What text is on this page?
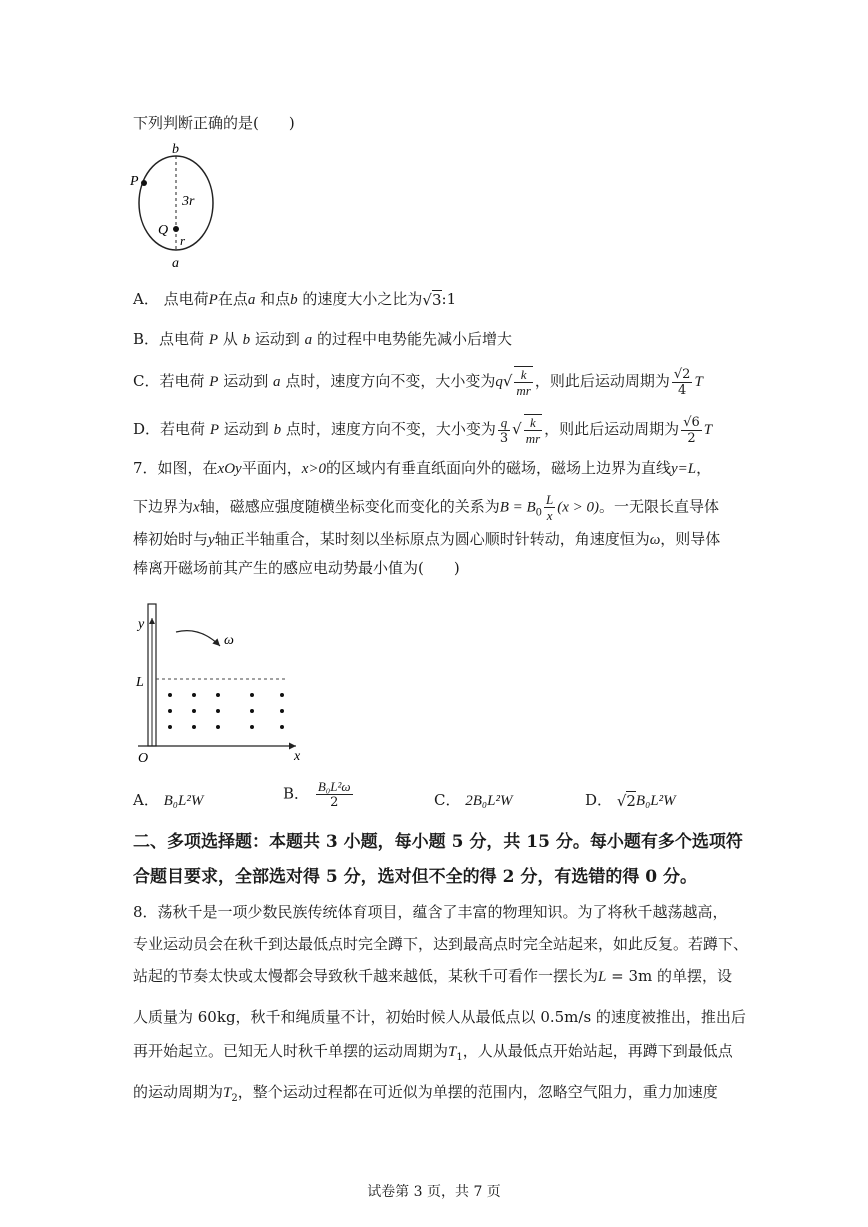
下列判断正确的是(　　)
b
a
P
Q
3r
r
A． 点电荷P在点a 和点b 的速度大小之比为√3:1
B．点电荷 P 从 b 运动到 a 的过程中电势能先减小后增大
C．若电荷 P 运动到 a 点时，速度方向不变，大小变为$q√ \frac{k}{mr}$ ，则此后运动周期为 $\frac{√2}{4}$ T
D．若电荷 P 运动到 b 点时，速度方向不变，大小变为 $\frac{q}{3}$ √ $\frac{k}{mr}$ ，则此后运动周期为 $\frac{√6}{2}$ T
7．如图，在xOy平面内，x>0的区域内有垂直纸面向外的磁场，磁场上边界为直线y=L，
下边界为x轴，磁感应强度随横坐标变化而变化的关系为$B = B_0 \frac{L}{x} (x > 0)$。一无限长直导体
棒初始时与y轴正半轴重合，某时刻以坐标原点为圆心顺时针转动，角速度恒为ω，则导体
棒离开磁场前其产生的感应电动势最小值为(　　)
y
L
O	x
ω
A． B₀L²W	B． $\frac{\text{B₀L²ω}}{2}$	C． 2B₀L²W	D． √2B₀L²W
二、多项选择题：本题共 3 小题，每小题 5 分，共 15 分。每小题有多个选项符
合题目要求，全部选对得 5 分，选对但不全的得 2 分，有选错的得 0 分。
8．荡秋千是一项少数民族传统体育项目，蕴含了丰富的物理知识。为了将秋千越荡越高，
专业运动员会在秋千到达最低点时完全蹲下，达到最高点时完全站起来，如此反复。若蹲下、
站起的节奏太快或太慢都会导致秋千越来越低，某秋千可看作一摆长为L = 3m 的单摆，设
人质量为 60kg，秋千和绳质量不计，初始时候人从最低点以 0.5m/s 的速度被推出，推出后
再开始起立。已知无人时秋千单摆的运动周期为$T_1$，人从最低点开始站起，再蹲下到最低点
的运动周期为$T_2$，整个运动过程都在可近似为单摆的范围内，忽略空气阻力，重力加速度
试卷第 3 页，共 7 页
